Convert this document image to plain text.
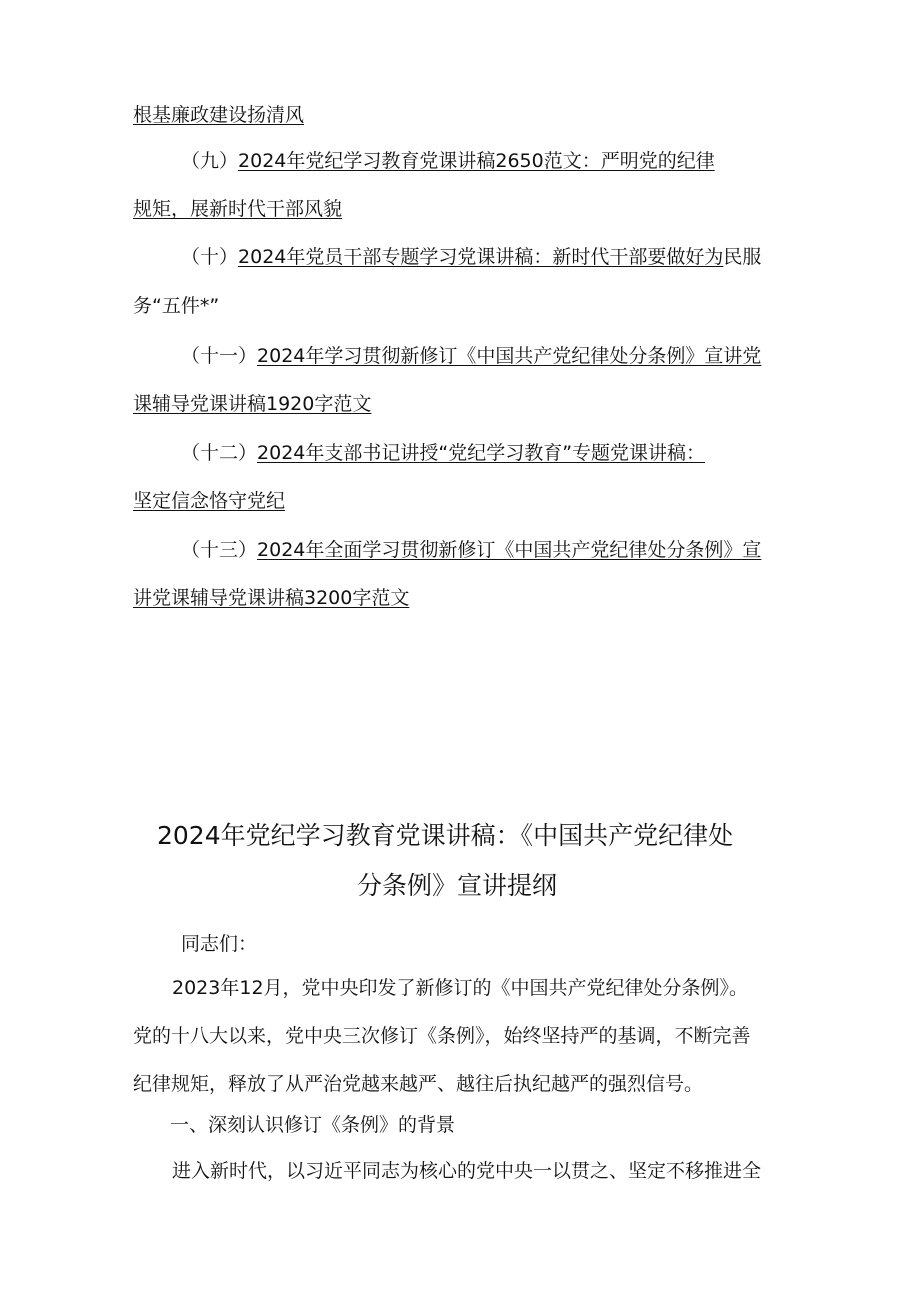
根基廉政建设扬清风
（九）2024年党纪学习教育党课讲稿2650范文：严明党的纪律
规矩，展新时代干部风貌
（十）2024年党员干部专题学习党课讲稿：新时代干部要做好为民服
务“五件*”
（十一）2024年学习贯彻新修订《中国共产党纪律处分条例》宣讲党
课辅导党课讲稿1920字范文
（十二）2024年支部书记讲授“党纪学习教育”专题党课讲稿：
坚定信念恪守党纪
（十三）2024年全面学习贯彻新修订《中国共产党纪律处分条例》宣
讲党课辅导党课讲稿3200字范文
2024年党纪学习教育党课讲稿：《中国共产党纪律处
分条例》宣讲提纲
同志们：
2023年12月，党中央印发了新修订的《中国共产党纪律处分条例》。
党的十八大以来，党中央三次修订《条例》，始终坚持严的基调，不断完善
纪律规矩，释放了从严治党越来越严、越往后执纪越严的强烈信号。
一、深刻认识修订《条例》的背景
进入新时代，以习近平同志为核心的党中央一以贯之、坚定不移推进全
